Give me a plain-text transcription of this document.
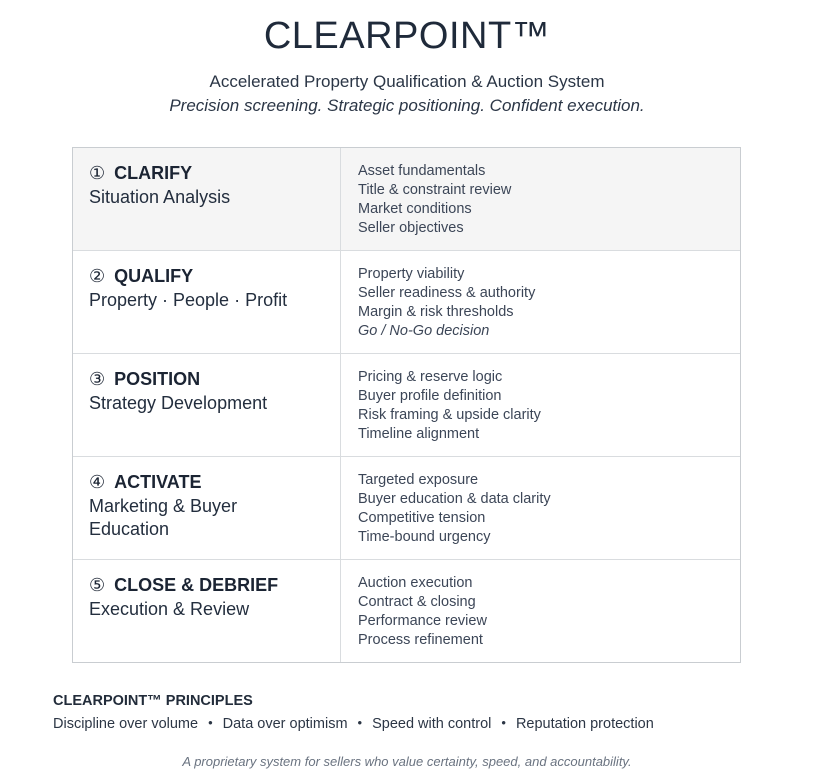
CLEARPOINT™

Accelerated Property Qualification & Auction System

Precision screening. Strategic positioning. Confident execution.

① CLARIFY
Situation Analysis
Asset fundamentals
Title & constraint review
Market conditions
Seller objectives
② QUALIFY
Property · People · Profit
Property viability
Seller readiness & authority
Margin & risk thresholds
Go / No-Go decision
③ POSITION
Strategy Development
Pricing & reserve logic
Buyer profile definition
Risk framing & upside clarity
Timeline alignment
④ ACTIVATE
Marketing & Buyer Education
Targeted exposure
Buyer education & data clarity
Competitive tension
Time-bound urgency
⑤ CLOSE & DEBRIEF
Execution & Review
Auction execution
Contract & closing
Performance review
Process refinement
CLEARPOINT™ PRINCIPLES
Discipline over volume • Data over optimism • Speed with control • Reputation protection

A proprietary system for sellers who value certainty, speed, and accountability.
